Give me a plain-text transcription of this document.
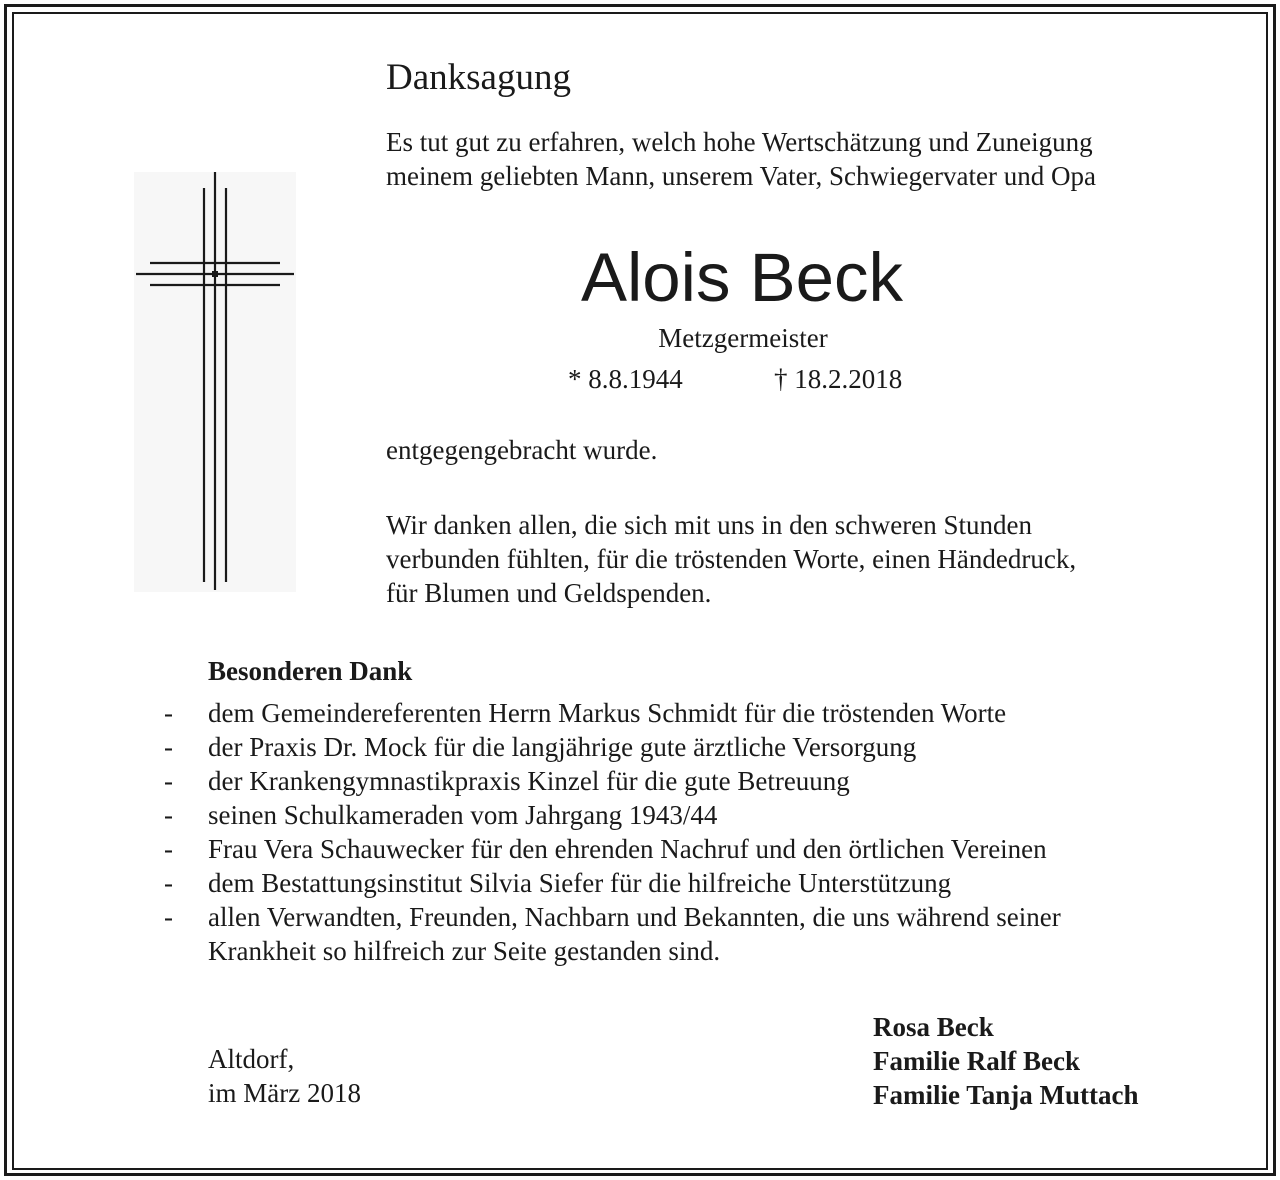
Danksagung
Es tut gut zu erfahren, welch hohe Wertschätzung und Zuneigung
meinem geliebten Mann, unserem Vater, Schwiegervater und Opa
Alois Beck
Metzgermeister
* 8.8.1944	† 18.2.2018
entgegengebracht wurde.
Wir danken allen, die sich mit uns in den schweren Stunden
verbunden fühlten, für die tröstenden Worte, einen Händedruck,
für Blumen und Geldspenden.
Besonderen Dank
- dem Gemeindereferenten Herrn Markus Schmidt für die tröstenden Worte
- der Praxis Dr. Mock für die langjährige gute ärztliche Versorgung
- der Krankengymnastikpraxis Kinzel für die gute Betreuung
- seinen Schulkameraden vom Jahrgang 1943/44
- Frau Vera Schauwecker für den ehrenden Nachruf und den örtlichen Vereinen
- dem Bestattungsinstitut Silvia Siefer für die hilfreiche Unterstützung
- allen Verwandten, Freunden, Nachbarn und Bekannten, die uns während seiner
Krankheit so hilfreich zur Seite gestanden sind.
Altdorf,
im März 2018
Rosa Beck
Familie Ralf Beck
Familie Tanja Muttach
